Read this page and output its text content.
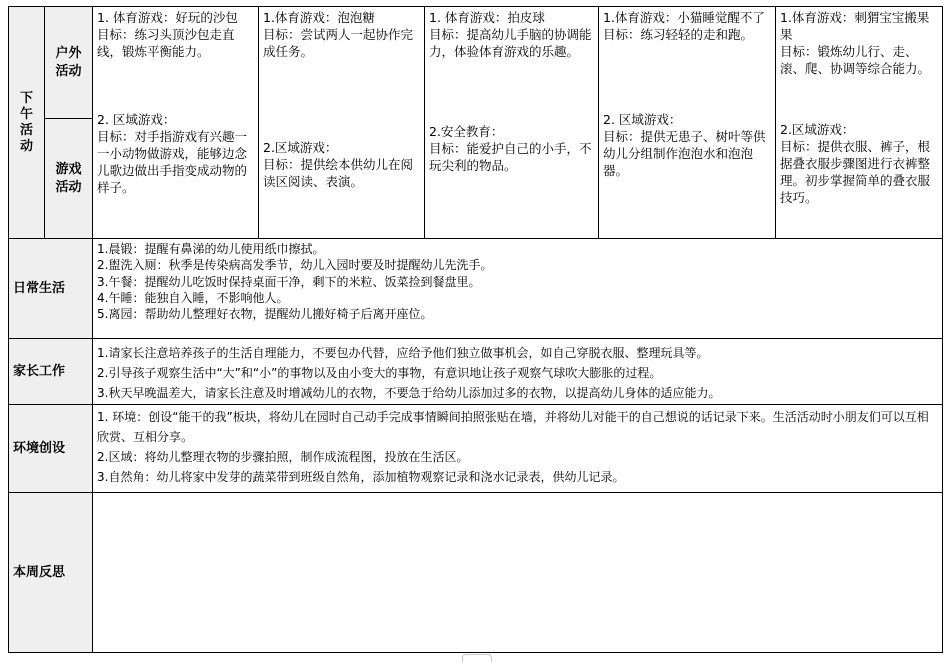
下
午
活
动
户外
活动
游戏
活动
1. 体育游戏：好玩的沙包
目标：练习头顶沙包走直线，锻炼平衡能力。
2. 区域游戏：
目标：对手指游戏有兴趣一一小动物做游戏，能够边念儿歌边做出手指变成动物的样子。
1.体育游戏：泡泡糖
目标：尝试两人一起协作完成任务。
2.区域游戏：
目标：提供绘本供幼儿在阅读区阅读、表演。
1. 体育游戏：拍皮球
目标：提高幼儿手脑的协调能力，体验体育游戏的乐趣。
2.安全教育：
目标：能爱护自己的小手，不玩尖利的物品。
1.体育游戏：小猫睡觉醒不了
目标：练习轻轻的走和跑。
2. 区域游戏：
目标：提供无患子、树叶等供幼儿分组制作泡泡水和泡泡器。
1.体育游戏：刺猬宝宝搬果果
目标：锻炼幼儿行、走、滚、爬、协调等综合能力。
2.区域游戏：
目标：提供衣服、裤子，根据叠衣服步骤图进行衣裤整理。初步掌握简单的叠衣服技巧。
日常生活
1.晨锻：提醒有鼻涕的幼儿使用纸巾擦拭。
2.盥洗入厕：秋季是传染病高发季节，幼儿入园时要及时提醒幼儿先洗手。
3.午餐：提醒幼儿吃饭时保持桌面干净，剩下的米粒、饭菜捡到餐盘里。
4.午睡：能独自入睡，不影响他人。
5.离园：帮助幼儿整理好衣物，提醒幼儿搬好椅子后离开座位。
家长工作
1.请家长注意培养孩子的生活自理能力，不要包办代替，应给予他们独立做事机会，如自己穿脱衣服、整理玩具等。
2.引导孩子观察生活中“大”和“小”的事物以及由小变大的事物，有意识地让孩子观察气球吹大膨胀的过程。
3.秋天早晚温差大，请家长注意及时增减幼儿的衣物，不要急于给幼儿添加过多的衣物，以提高幼儿身体的适应能力。
环境创设
1. 环境：创设“能干的我”板块，将幼儿在园时自己动手完成事情瞬间拍照张贴在墙，并将幼儿对能干的自己想说的话记录下来。生活活动时小朋友们可以互相欣赏、互相分享。
2.区域：将幼儿整理衣物的步骤拍照，制作成流程图，投放在生活区。
3.自然角：幼儿将家中发芽的蔬菜带到班级自然角，添加植物观察记录和浇水记录表，供幼儿记录。
本周反思
